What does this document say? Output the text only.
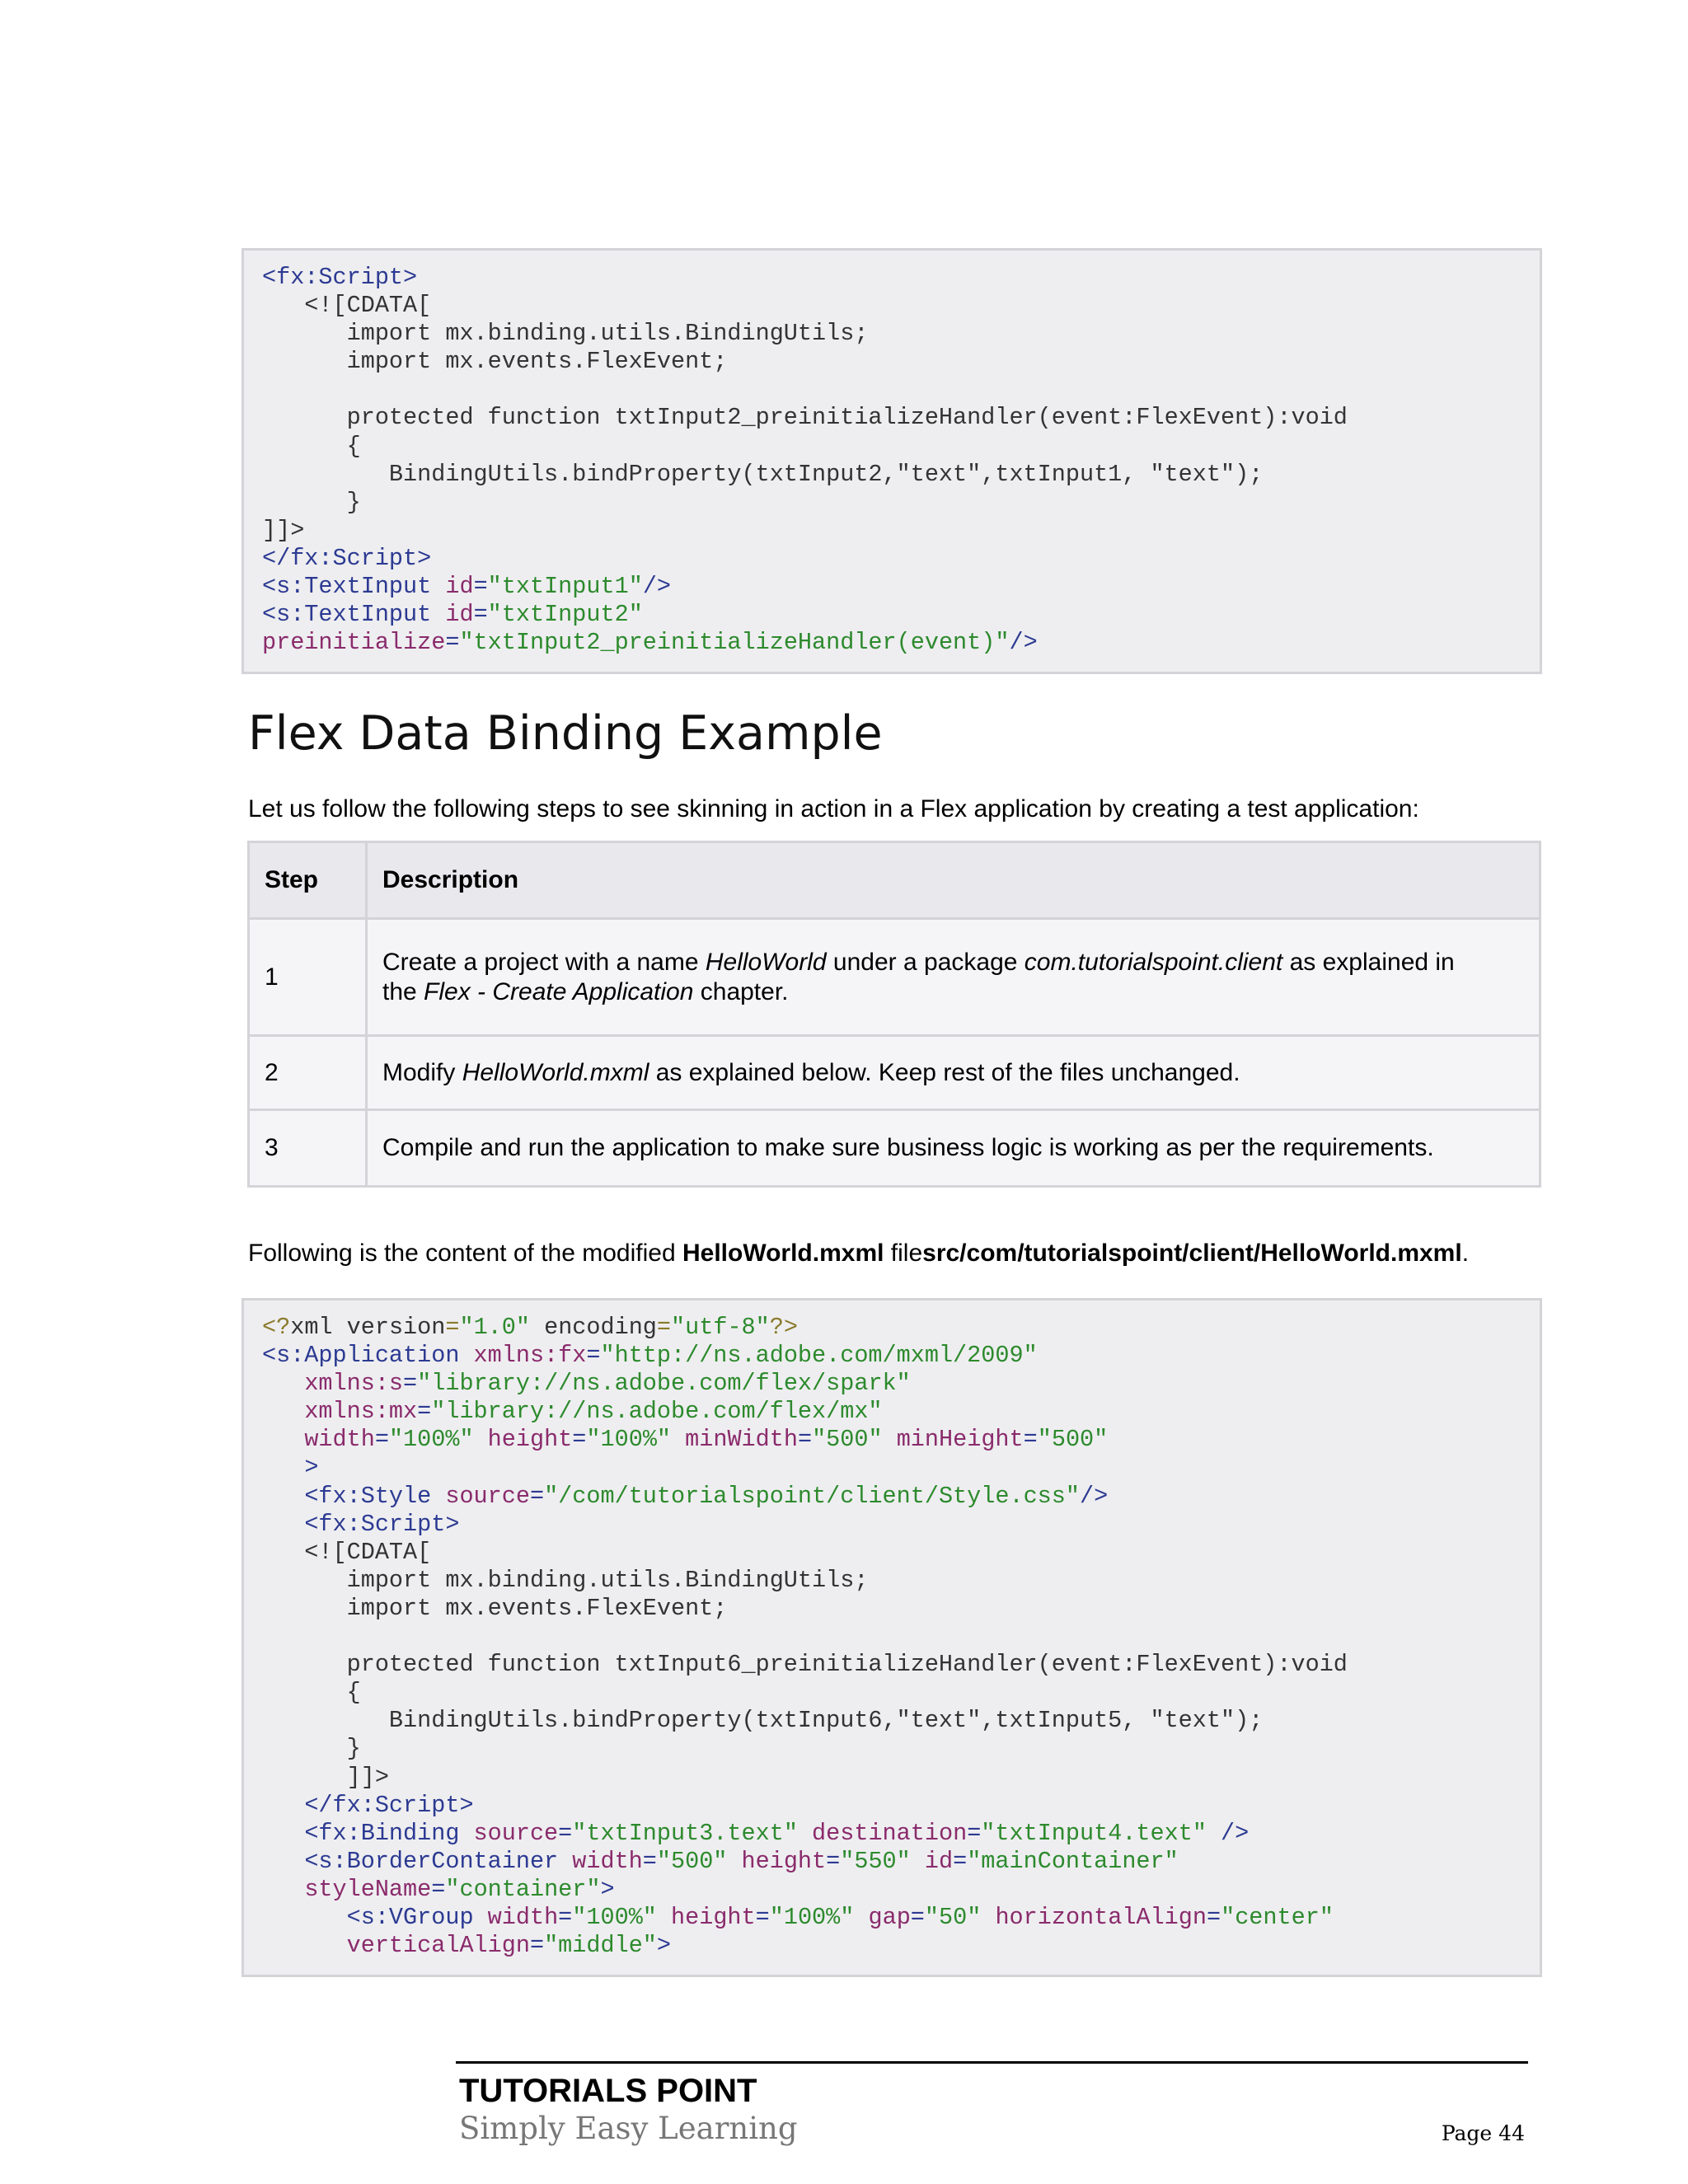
<fx:Script>
<![CDATA[
import mx.binding.utils.BindingUtils;
import mx.events.FlexEvent;
protected function txtInput2_preinitializeHandler(event:FlexEvent):void
{
BindingUtils.bindProperty(txtInput2,"text",txtInput1, "text");
}
]]>
</fx:Script>
<s:TextInput id="txtInput1"/>
<s:TextInput id="txtInput2"
preinitialize="txtInput2_preinitializeHandler(event)"/>
Flex Data Binding Example

Let us follow the following steps to see skinning in action in a Flex application by creating a test application:

Step	Description
1	Create a project with a name HelloWorld under a package com.tutorialspoint.client as explained in
the Flex - Create Application chapter.
2	Modify HelloWorld.mxml as explained below. Keep rest of the files unchanged.
3	Compile and run the application to make sure business logic is working as per the requirements.

Following is the content of the modified HelloWorld.mxml filesrc/com/tutorialspoint/client/HelloWorld.mxml.

<?xml version="1.0" encoding="utf-8"?>
<s:Application xmlns:fx="http://ns.adobe.com/mxml/2009"
xmlns:s="library://ns.adobe.com/flex/spark"
xmlns:mx="library://ns.adobe.com/flex/mx"
width="100%" height="100%" minWidth="500" minHeight="500"
>
<fx:Style source="/com/tutorialspoint/client/Style.css"/>
<fx:Script>
<![CDATA[
import mx.binding.utils.BindingUtils;
import mx.events.FlexEvent;
protected function txtInput6_preinitializeHandler(event:FlexEvent):void
{
BindingUtils.bindProperty(txtInput6,"text",txtInput5, "text");
}
]]>
</fx:Script>
<fx:Binding source="txtInput3.text" destination="txtInput4.text" />
<s:BorderContainer width="500" height="550" id="mainContainer"
styleName="container">
<s:VGroup width="100%" height="100%" gap="50" horizontalAlign="center"
verticalAlign="middle">
TUTORIALS POINT
Simply Easy Learning	Page 44
